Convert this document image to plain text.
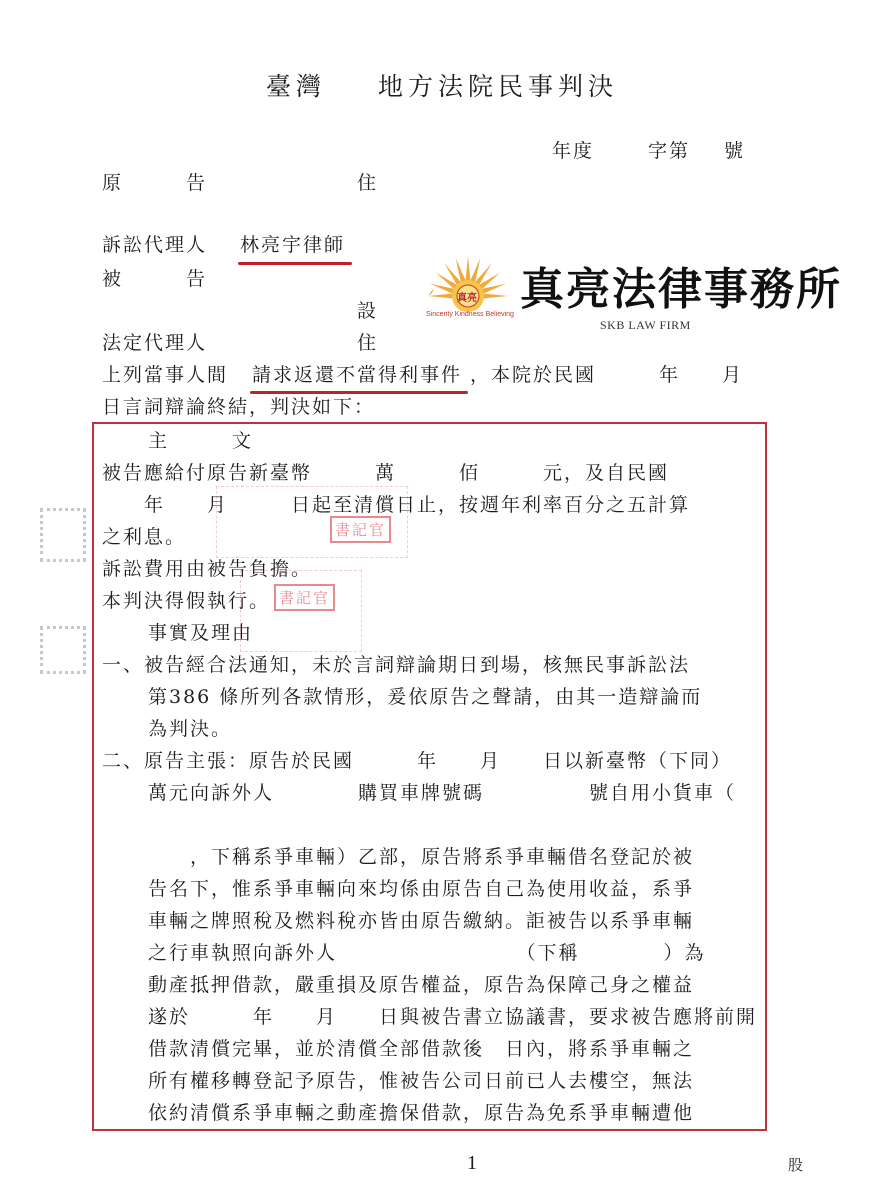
臺灣 地方法院民事判決
年度	字第 號
原　　　告	住
訴訟代理人 林亮宇律師
被　　　告
設
法定代理人	住
真亮
Sincerity Kindness Believing 真亮法律事務所
SKB LAW FIRM
上列當事人間 請求返還不當得利事件 ，本院於民國　　　年　　月
日言詞辯論終結，判決如下：
書記官
書記官
主　　　文
被告應給付原告新臺幣　　　萬　　　佰　　　元，及自民國
　　年　　月　　　日起至清償日止，按週年利率百分之五計算
之利息。
訴訟費用由被告負擔。
本判決得假執行。
事實及理由
一、被告經合法通知，未於言詞辯論期日到場，核無民事訴訟法
第386 條所列各款情形，爰依原告之聲請，由其一造辯論而
為判決。
二、原告主張：原告於民國　　　年　　月　　日以新臺幣（下同）
萬元向訴外人　　　　購買車牌號碼　　　　　號自用小貨車（
　　，下稱系爭車輛）乙部，原告將系爭車輛借名登記於被
告名下，惟系爭車輛向來均係由原告自己為使用收益，系爭
車輛之牌照稅及燃料稅亦皆由原告繳納。詎被告以系爭車輛
之行車執照向訴外人　　　　　　　　　（下稱　　　　）為
動產抵押借款，嚴重損及原告權益，原告為保障己身之權益
遂於　　　年　　月　　日與被告書立協議書，要求被告應將前開
借款清償完畢，並於清償全部借款後　日內，將系爭車輛之
所有權移轉登記予原告，惟被告公司日前已人去樓空，無法
依約清償系爭車輛之動產擔保借款，原告為免系爭車輛遭他
1	股
